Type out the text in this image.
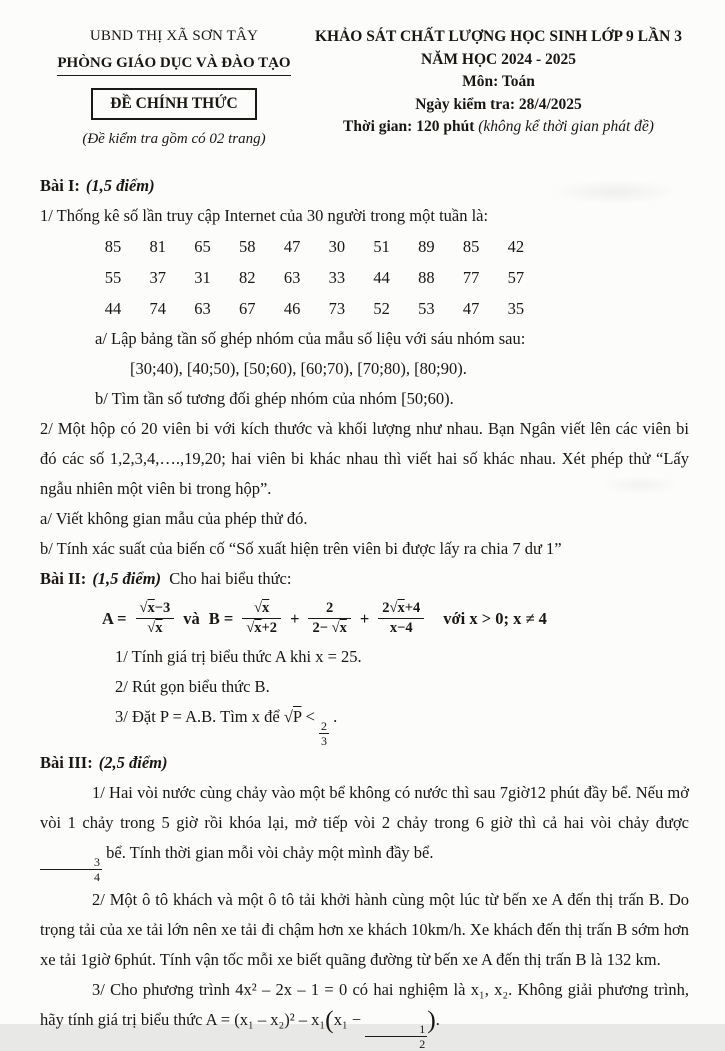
UBND THỊ XÃ SƠN TÂY
PHÒNG GIÁO DỤC VÀ ĐÀO TẠO
ĐỀ CHÍNH THỨC
(Đề kiểm tra gồm có 02 trang)
KHẢO SÁT CHẤT LƯỢNG HỌC SINH LỚP 9 LẦN 3
NĂM HỌC 2024 - 2025
Môn: Toán
Ngày kiểm tra: 28/4/2025
Thời gian: 120 phút (không kể thời gian phát đề)

Bài I: (1,5 điểm)

1/ Thống kê số lần truy cập Internet của 30 người trong một tuần là:

85 81 65 58 47 30 51 89 85 42
55 37 31 82 63 33 44 88 77 57
44 74 63 67 46 73 52 53 47 35

a/ Lập bảng tần số ghép nhóm của mẫu số liệu với sáu nhóm sau:

[30;40), [40;50), [50;60), [60;70), [70;80), [80;90).

b/ Tìm tần số tương đối ghép nhóm của nhóm [50;60).

2/ Một hộp có 20 viên bi với kích thước và khối lượng như nhau. Bạn Ngân viết lên các viên bi đó các số 1,2,3,4,….,19,20; hai viên bi khác nhau thì viết hai số khác nhau. Xét phép thử “Lấy ngẫu nhiên một viên bi trong hộp”.

a/ Viết không gian mẫu của phép thử đó.

b/ Tính xác suất của biến cố “Số xuất hiện trên viên bi được lấy ra chia 7 dư 1”

Bài II: (1,5 điểm) Cho hai biểu thức:

A = √ $\overline{x}-3$
√ x và B = √ $\overline{x}$
√ $\overline{x}+2 + \frac{2}{2- √ \overline{x}} + \frac{2 √ \overline{x}+4}{x-4}$ với x > 0; x ≠ 4

1/ Tính giá trị biểu thức A khi x = 25.

2/ Rút gọn biểu thức B.

3/ Đặt P = A.B. Tìm x để √ $\overline{P}$ <
$\frac{2}{3}$
.

Bài III: (2,5 điểm)

1/ Hai vòi nước cùng chảy vào một bể không có nước thì sau 7giờ12 phút đầy bể. Nếu mở vòi 1 chảy trong 5 giờ rồi khóa lại, mở tiếp vòi 2 chảy trong 6 giờ thì cả hai vòi chảy được
$\frac{3}{4}$
bể. Tính thời gian mỗi vòi chảy một mình đầy bể.

2/ Một ô tô khách và một ô tô tải khởi hành cùng một lúc từ bến xe A đến thị trấn B. Do trọng tải của xe tải lớn nên xe tải đi chậm hơn xe khách 10km/h. Xe khách đến thị trấn B sớm hơn xe tải 1giờ 6phút. Tính vận tốc mỗi xe biết quãng đường từ bến xe A đến thị trấn B là 132 km.

3/ Cho phương trình 4x² – 2x – 1 = 0 có hai nghiệm là x₁, x₂. Không giải phương trình, hãy tính giá trị biểu thức A = (x₁ – x₂)² – x₁(x₁ −
$\frac{1}{2}$
).
